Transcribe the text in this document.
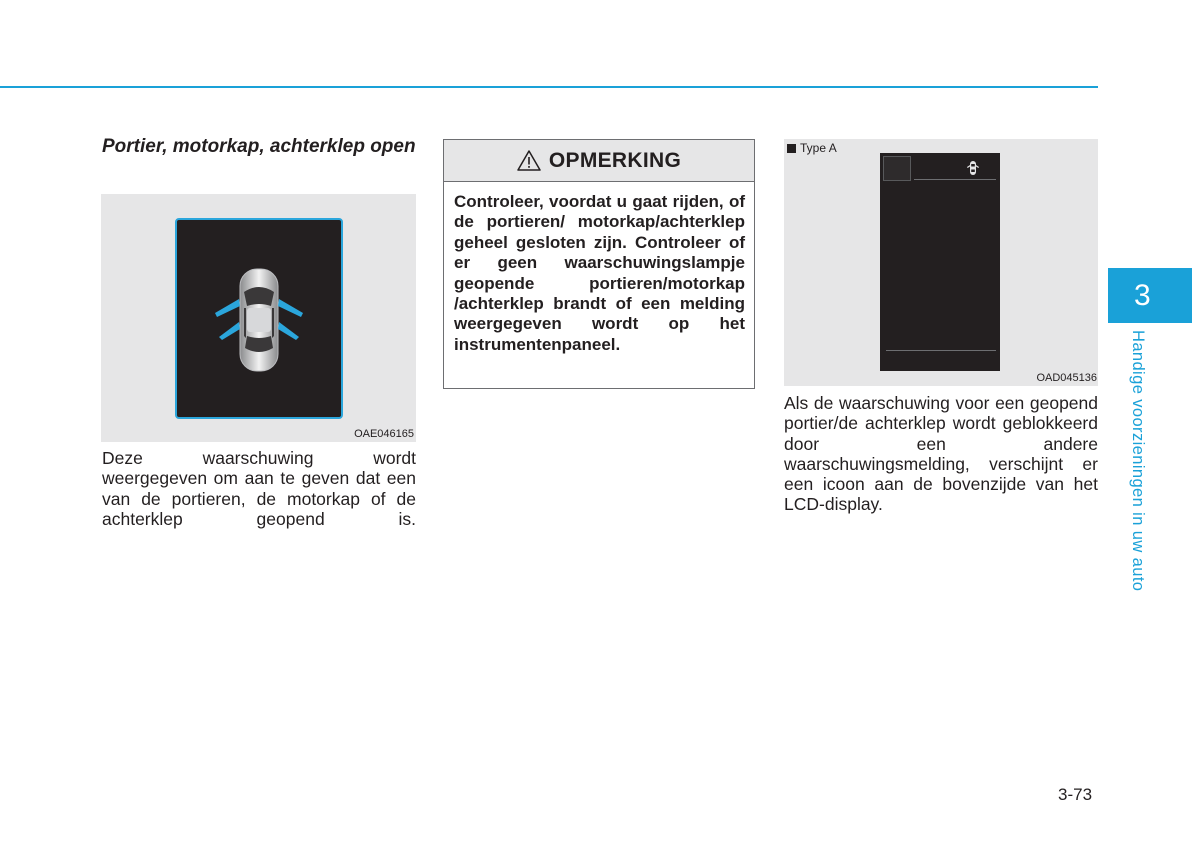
Portier, motorkap, achterklep open
OAE046165
Deze waarschuwing wordt weergegeven om aan te geven dat een van de portieren, de motorkap of de achterklep geopend is.
OPMERKING
Controleer, voordat u gaat rijden, of de portieren/ motorkap/achterklep geheel gesloten zijn. Controleer of er geen waarschuwingslampje geopende portieren/motorkap /achterklep brandt of een melding weergegeven wordt op het instrumentenpaneel.
Type A
OAD045136
Als de waarschuwing voor een geopend portier/de achterklep wordt geblokkeerd door een andere waarschuwingsmelding, verschijnt er een icoon aan de bovenzijde van het LCD-display.
3
Handige voorzieningen in uw auto
3-73
